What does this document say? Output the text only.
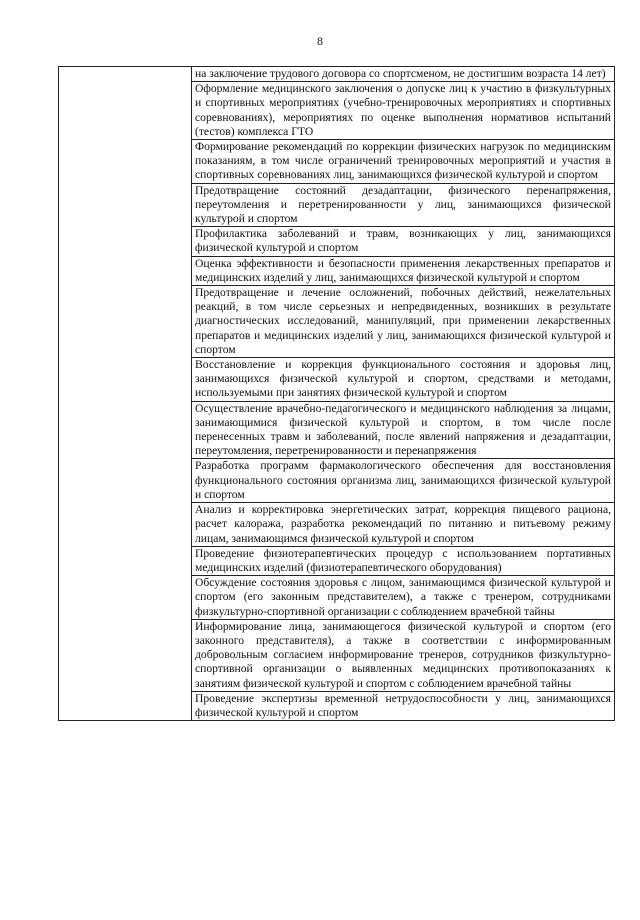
8
	на заключение трудового договора со спортсменом, не достигшим возраста 14 лет)
Оформление медицинского заключения о допуске лиц к участию в физкультурных и спортивных мероприятиях (учебно-тренировочных мероприятиях и спортивных соревнованиях), мероприятиях по оценке выполнения нормативов испытаний (тестов) комплекса ГТО
Формирование рекомендаций по коррекции физических нагрузок по медицинским показаниям, в том числе ограничений тренировочных мероприятий и участия в спортивных соревнованиях лиц, занимающихся физической культурой и спортом
Предотвращение состояний дезадаптации, физического перенапряжения, переутомления и перетренированности у лиц, занимающихся физической культурой и спортом
Профилактика заболеваний и травм, возникающих у лиц, занимающихся физической культурой и спортом
Оценка эффективности и безопасности применения лекарственных препаратов и медицинских изделий у лиц, занимающихся физической культурой и спортом
Предотвращение и лечение осложнений, побочных действий, нежелательных реакций, в том числе серьезных и непредвиденных, возникших в результате диагностических исследований, манипуляций, при применении лекарственных препаратов и медицинских изделий у лиц, занимающихся физической культурой и спортом
Восстановление и коррекция функционального состояния и здоровья лиц, занимающихся физической культурой и спортом, средствами и методами, используемыми при занятиях физической культурой и спортом
Осуществление врачебно-педагогического и медицинского наблюдения за лицами, занимающимися физической культурой и спортом, в том числе после перенесенных травм и заболеваний, после явлений напряжения и дезадаптации, переутомления, перетренированности и перенапряжения
Разработка программ фармакологического обеспечения для восстановления функционального состояния организма лиц, занимающихся физической культурой и спортом
Анализ и корректировка энергетических затрат, коррекция пищевого рациона, расчет калоража, разработка рекомендаций по питанию и питьевому режиму лицам, занимающимся физической культурой и спортом
Проведение физиотерапевтических процедур с использованием портативных медицинских изделий (физиотерапевтического оборудования)
Обсуждение состояния здоровья с лицом, занимающимся физической культурой и спортом (его законным представителем), а также с тренером, сотрудниками физкультурно-спортивной организации с соблюдением врачебной тайны
Информирование лица, занимающегося физической культурой и спортом (его законного представителя), а также в соответствии с информированным добровольным согласием информирование тренеров, сотрудников физкультурно-спортивной организации о выявленных медицинских противопоказаниях к занятиям физической культурой и спортом с соблюдением врачебной тайны
Проведение экспертизы временной нетрудоспособности у лиц, занимающихся физической культурой и спортом
